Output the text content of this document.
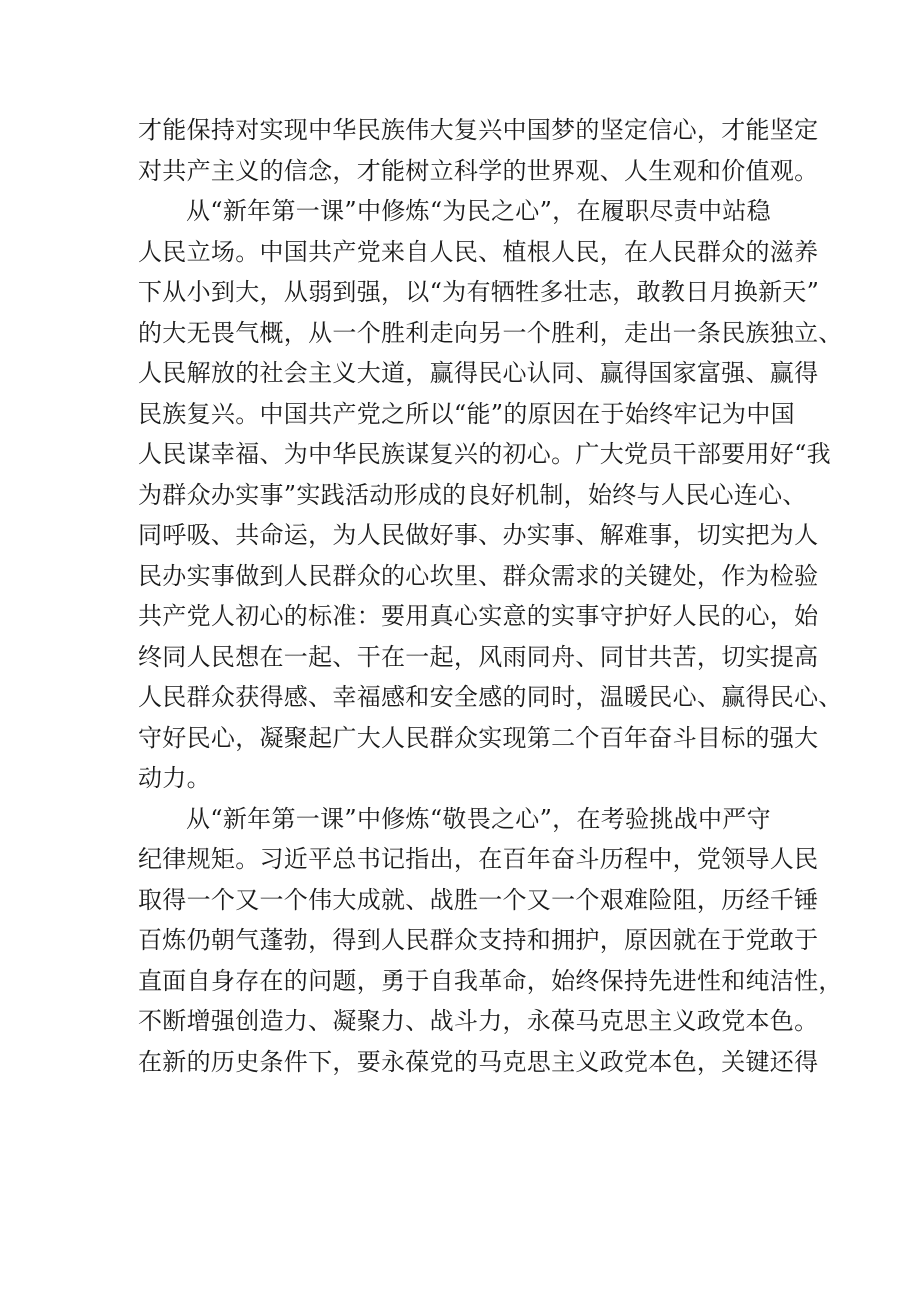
才能保持对实现中华民族伟大复兴中国梦的坚定信心，才能坚定
对共产主义的信念，才能树立科学的世界观、人生观和价值观。

从“新年第一课”中修炼“为民之心”，在履职尽责中站稳
人民立场。中国共产党来自人民、植根人民，在人民群众的滋养
下从小到大，从弱到强，以“为有牺牲多壮志，敢教日月换新天”
的大无畏气概，从一个胜利走向另一个胜利，走出一条民族独立、
人民解放的社会主义大道，赢得民心认同、赢得国家富强、赢得
民族复兴。中国共产党之所以“能”的原因在于始终牢记为中国
人民谋幸福、为中华民族谋复兴的初心。广大党员干部要用好“我
为群众办实事”实践活动形成的良好机制，始终与人民心连心、
同呼吸、共命运，为人民做好事、办实事、解难事，切实把为人
民办实事做到人民群众的心坎里、群众需求的关键处，作为检验
共产党人初心的标准：要用真心实意的实事守护好人民的心，始
终同人民想在一起、干在一起，风雨同舟、同甘共苦，切实提高
人民群众获得感、幸福感和安全感的同时，温暖民心、赢得民心、
守好民心，凝聚起广大人民群众实现第二个百年奋斗目标的强大
动力。

从“新年第一课”中修炼“敬畏之心”，在考验挑战中严守
纪律规矩。习近平总书记指出，在百年奋斗历程中，党领导人民
取得一个又一个伟大成就、战胜一个又一个艰难险阻，历经千锤
百炼仍朝气蓬勃，得到人民群众支持和拥护，原因就在于党敢于
直面自身存在的问题，勇于自我革命，始终保持先进性和纯洁性，
不断增强创造力、凝聚力、战斗力，永葆马克思主义政党本色。
在新的历史条件下，要永葆党的马克思主义政党本色，关键还得
